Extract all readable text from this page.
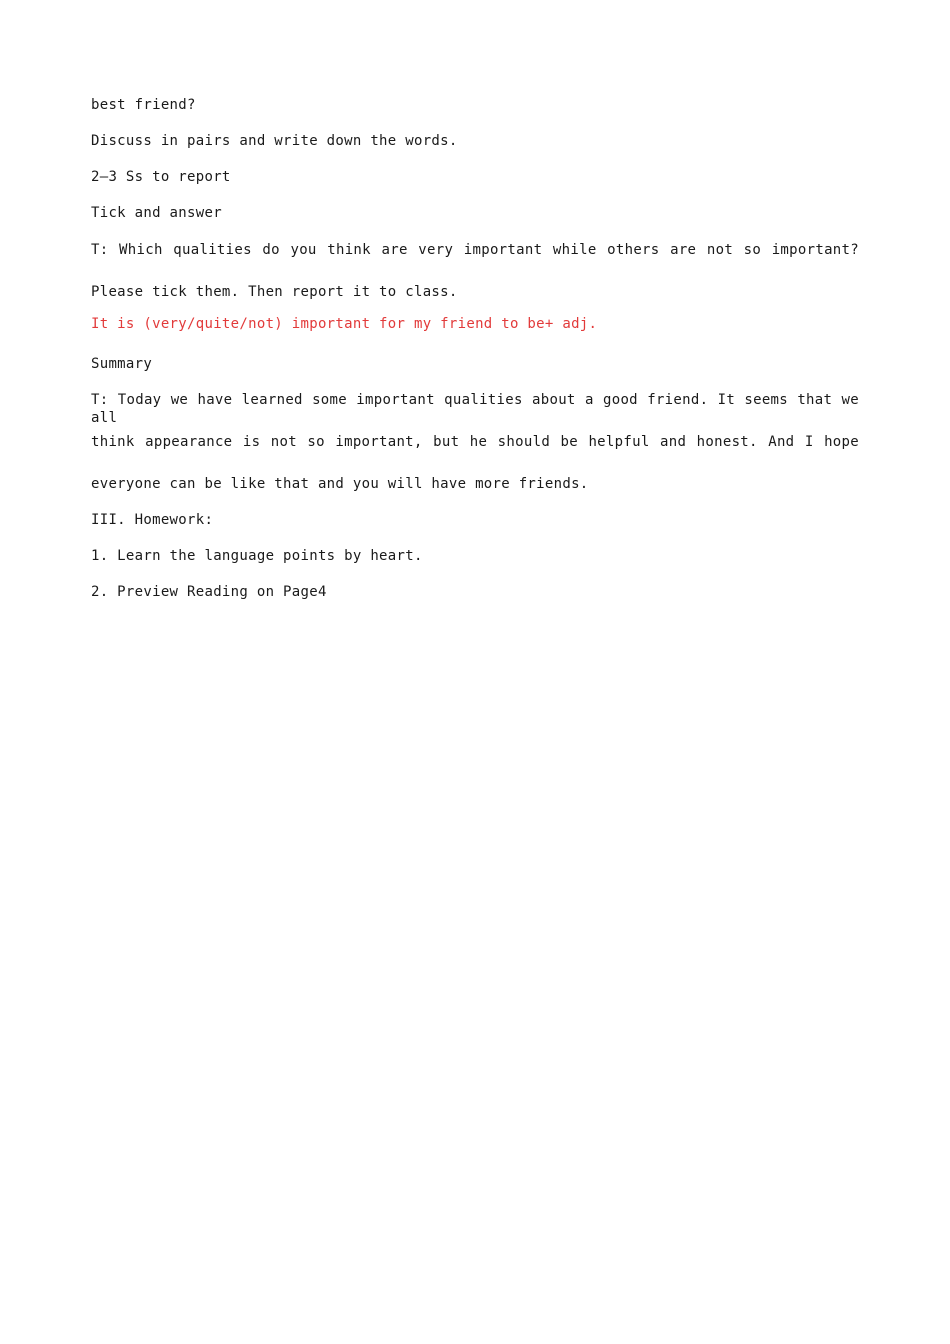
best friend?
Discuss in pairs and write down the words.
2—3 Ss to report
Tick and answer
T: Which qualities do you think are very important while others are not so important?
Please tick them. Then report it to class.
It is (very/quite/not) important for my friend to be+ adj.
Summary
T: Today we have learned some important qualities about a good friend. It seems that we all
think appearance is not so important, but he should be helpful and honest. And I hope
everyone can be like that and you will have more friends.
III. Homework:
1. Learn the language points by heart.
2. Preview Reading on Page4
